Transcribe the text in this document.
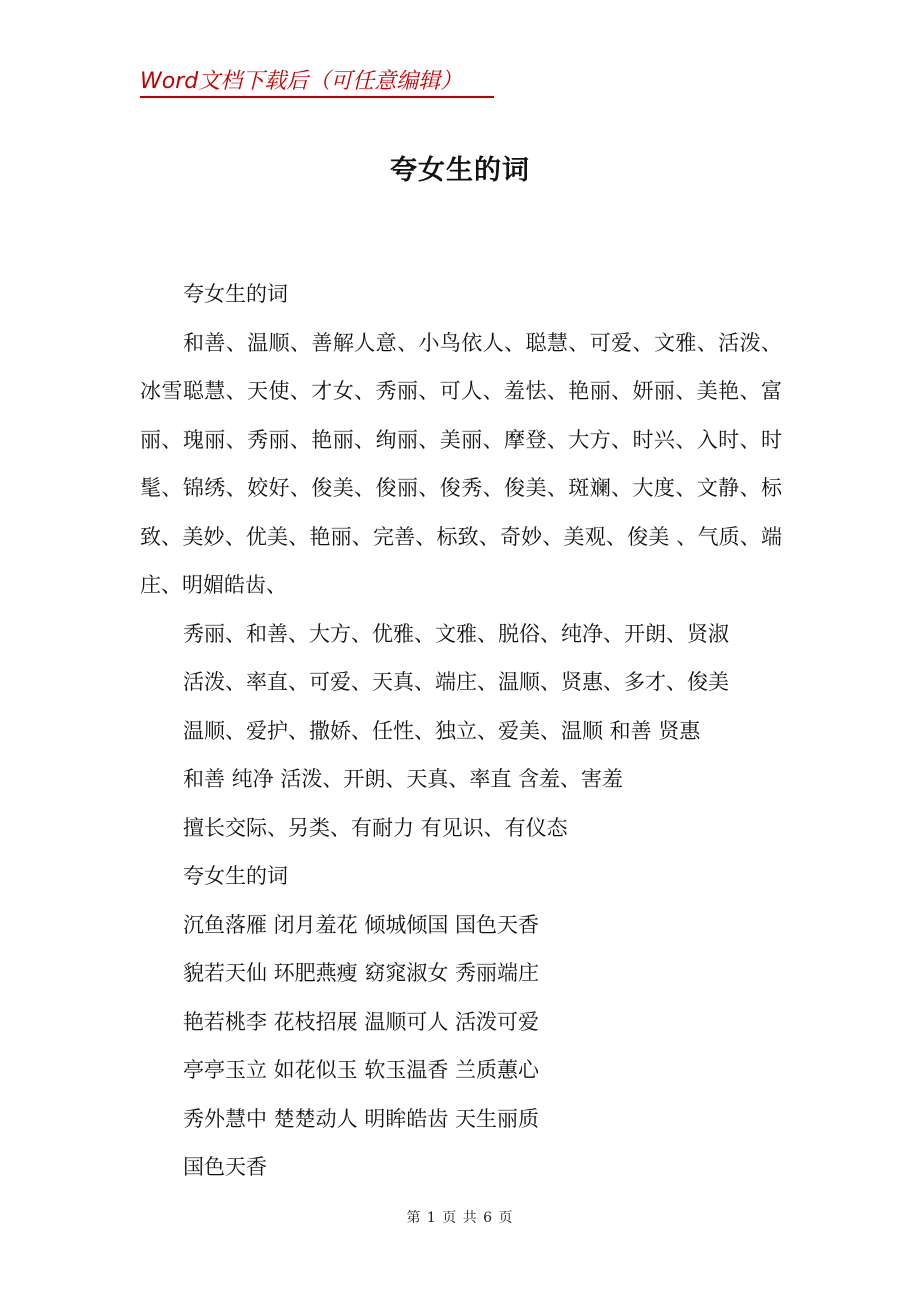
Word文档下载后（可任意编辑）
夸女生的词

夸女生的词

和善、温顺、善解人意、小鸟依人、聪慧、可爱、文雅、活泼、冰雪聪慧、天使、才女、秀丽、可人、羞怯、艳丽、妍丽、美艳、富丽、瑰丽、秀丽、艳丽、绚丽、美丽、摩登、大方、时兴、入时、时髦、锦绣、姣好、俊美、俊丽、俊秀、俊美、斑斓、大度、文静、标致、美妙、优美、艳丽、完善、标致、奇妙、美观、俊美 、气质、端庄、明媚皓齿、

秀丽、和善、大方、优雅、文雅、脱俗、纯净、开朗、贤淑

活泼、率直、可爱、天真、端庄、温顺、贤惠、多才、俊美

温顺、爱护、撒娇、任性、独立、爱美、温顺 和善 贤惠

和善 纯净 活泼、开朗、天真、率直 含羞、害羞

擅长交际、另类、有耐力 有见识、有仪态

夸女生的词

沉鱼落雁 闭月羞花 倾城倾国 国色天香

貌若天仙 环肥燕瘦 窈窕淑女 秀丽端庄

艳若桃李 花枝招展 温顺可人 活泼可爱

亭亭玉立 如花似玉 软玉温香 兰质蕙心

秀外慧中 楚楚动人 明眸皓齿 天生丽质

国色天香

第 1 页 共 6 页
